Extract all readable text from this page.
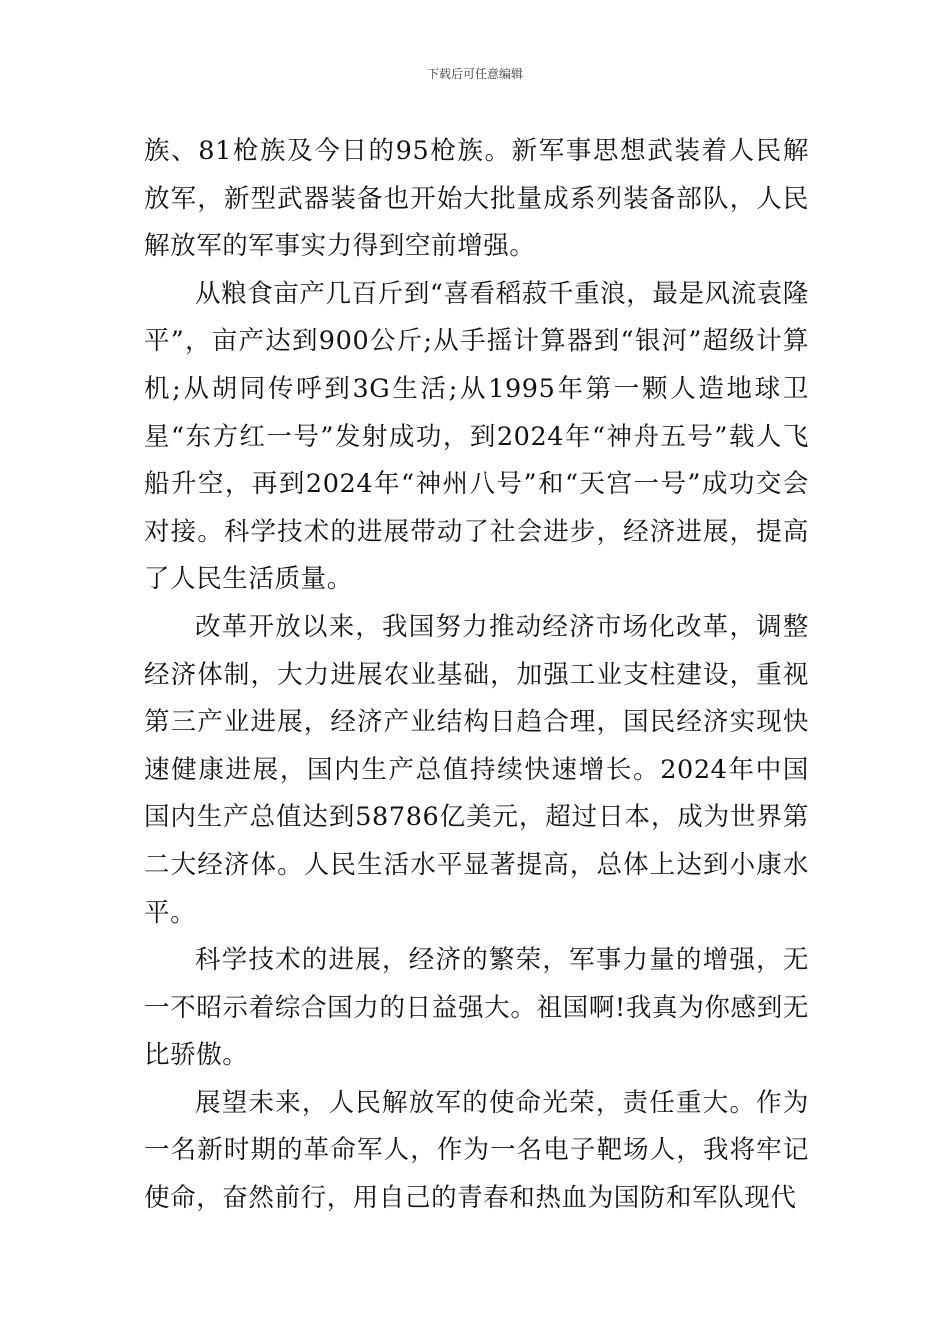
下载后可任意编辑

族、81枪族及今日的95枪族。新军事思想武装着人民解放军，新型武器装备也开始大批量成系列装备部队，人民解放军的军事实力得到空前增强。

从粮食亩产几百斤到“喜看稻菽千重浪，最是风流袁隆平”，亩产达到900公斤;从手摇计算器到“银河”超级计算机;从胡同传呼到3G生活;从1995年第一颗人造地球卫星“东方红一号”发射成功，到2024年“神舟五号”载人飞船升空，再到2024年“神州八号”和“天宫一号”成功交会对接。科学技术的进展带动了社会进步，经济进展，提高了人民生活质量。

改革开放以来，我国努力推动经济市场化改革，调整经济体制，大力进展农业基础，加强工业支柱建设，重视第三产业进展，经济产业结构日趋合理，国民经济实现快速健康进展，国内生产总值持续快速增长。2024年中国国内生产总值达到58786亿美元，超过日本，成为世界第二大经济体。人民生活水平显著提高，总体上达到小康水平。

科学技术的进展，经济的繁荣，军事力量的增强，无一不昭示着综合国力的日益强大。祖国啊!我真为你感到无比骄傲。

展望未来，人民解放军的使命光荣，责任重大。作为一名新时期的革命军人，作为一名电子靶场人，我将牢记使命，奋然前行，用自己的青春和热血为国防和军队现代
